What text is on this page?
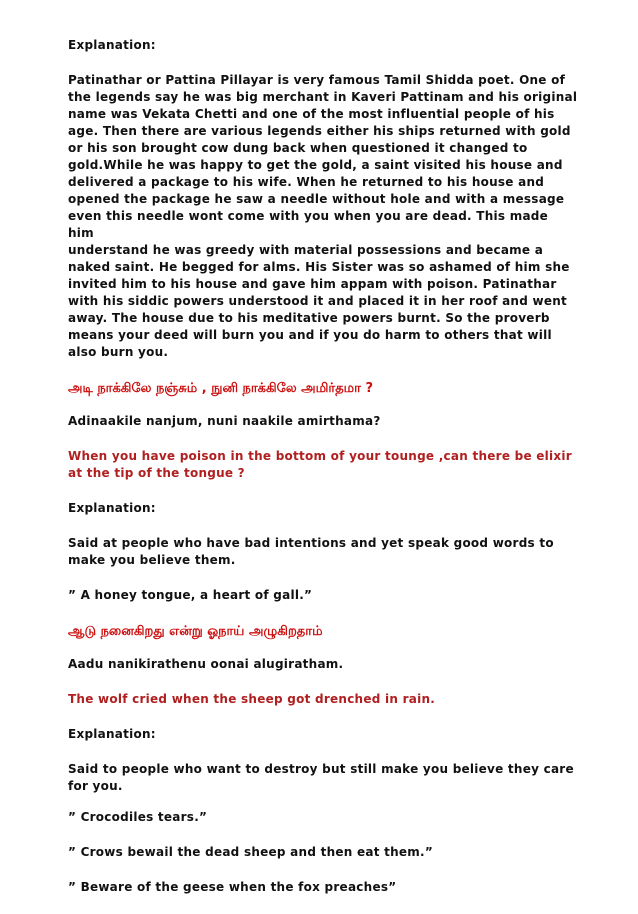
Explanation:
Patinathar or Pattina Pillayar is very famous Tamil Shidda poet. One of
the legends say he was big merchant in Kaveri Pattinam and his original
name was Vekata Chetti and one of the most influential people of his
age. Then there are various legends either his ships returned with gold
or his son brought cow dung back when questioned it changed to
gold.While he was happy to get the gold, a saint visited his house and
delivered a package to his wife. When he returned to his house and
opened the package he saw a needle without hole and with a message
even this needle wont come with you when you are dead. This made him
understand he was greedy with material possessions and became a
naked saint. He begged for alms. His Sister was so ashamed of him she
invited him to his house and gave him appam with poison. Patinathar
with his siddic powers understood it and placed it in her roof and went
away. The house due to his meditative powers burnt. So the proverb
means your deed will burn you and if you do harm to others that will
also burn you.
அடி நாக்கிலே நஞ்சும் , நுனி நாக்கிலே அமிர்தமா ?
Adinaakile nanjum, nuni naakile amirthama?
When you have poison in the bottom of your tounge ,can there be elixir
at the tip of the tongue ?
Explanation:
Said at people who have bad intentions and yet speak good words to
make you believe them.
” A honey tongue, a heart of gall.”
ஆடு நனைகிறது என்று ஓநாய் அழுகிறதாம்
Aadu nanikirathenu oonai alugiratham.
The wolf cried when the sheep got drenched in rain.
Explanation:
Said to people who want to destroy but still make you believe they care
for you.
” Crocodiles tears.”
” Crows bewail the dead sheep and then eat them.”
” Beware of the geese when the fox preaches”
